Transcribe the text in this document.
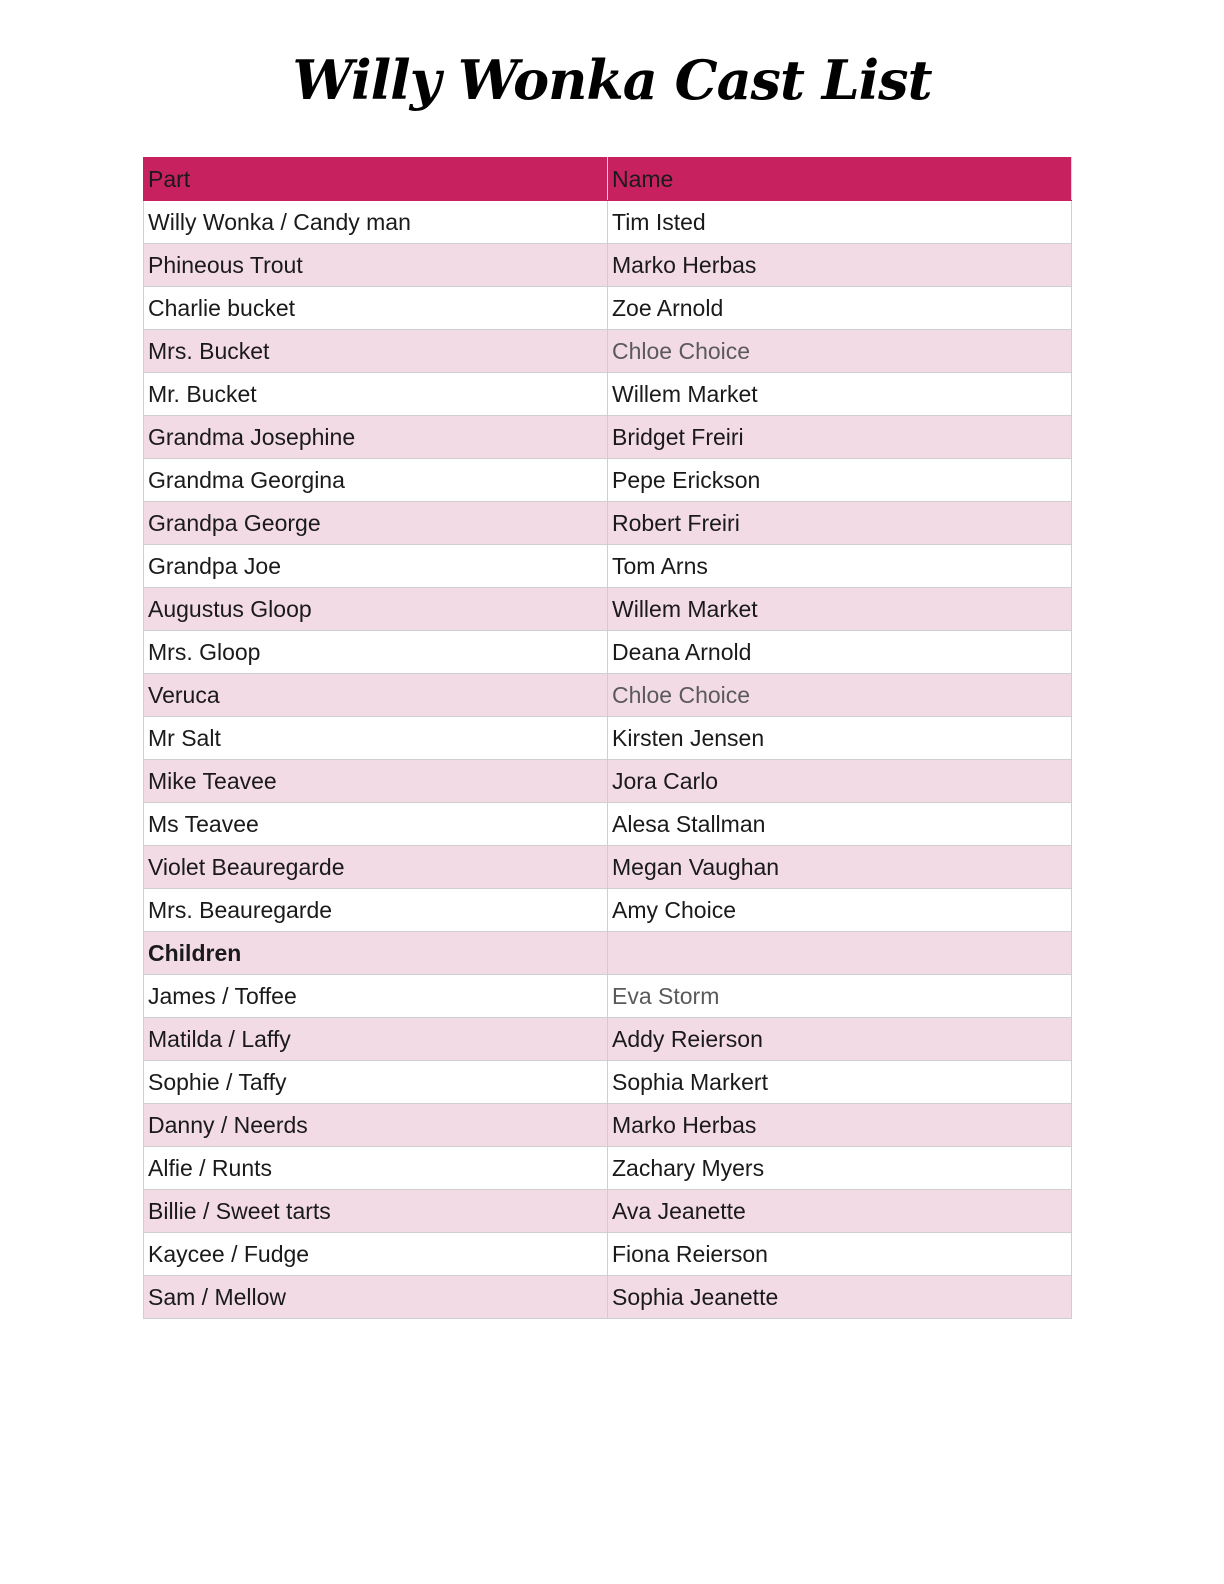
Willy Wonka Cast List
Part	Name
Willy Wonka / Candy man	Tim Isted
Phineous Trout	Marko Herbas
Charlie bucket	Zoe Arnold
Mrs. Bucket	Chloe Choice
Mr. Bucket	Willem Market
Grandma Josephine	Bridget Freiri
Grandma Georgina	Pepe Erickson
Grandpa George	Robert Freiri
Grandpa Joe	Tom Arns
Augustus Gloop	Willem Market
Mrs. Gloop	Deana Arnold
Veruca	Chloe Choice
Mr Salt	Kirsten Jensen
Mike Teavee	Jora Carlo
Ms Teavee	Alesa Stallman
Violet Beauregarde	Megan Vaughan
Mrs. Beauregarde	Amy Choice
Children	
James / Toffee	Eva Storm
Matilda / Laffy	Addy Reierson
Sophie / Taffy	Sophia Markert
Danny / Neerds	Marko Herbas
Alfie / Runts	Zachary Myers
Billie / Sweet tarts	Ava Jeanette
Kaycee / Fudge	Fiona Reierson
Sam / Mellow	Sophia Jeanette
